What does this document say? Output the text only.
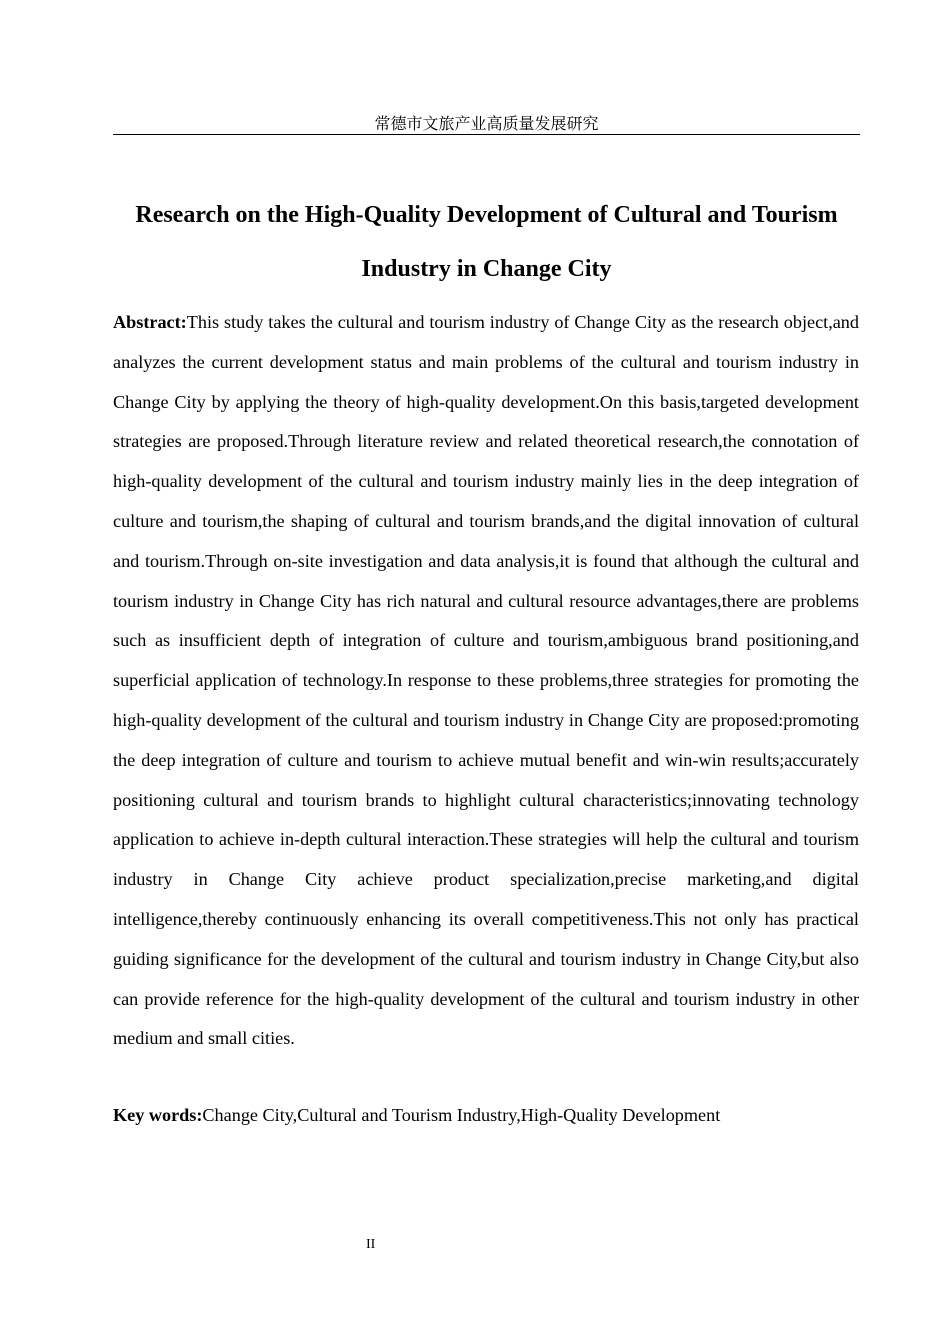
常德市文旅产业高质量发展研究
Research on the High-Quality Development of Cultural and Tourism Industry in Change City

Abstract:This study takes the cultural and tourism industry of Change City as the research object,and analyzes the current development status and main problems of the cultural and tourism industry in Change City by applying the theory of high-quality development.On this basis,targeted development strategies are proposed.Through literature review and related theoretical research,the connotation of high-quality development of the cultural and tourism industry mainly lies in the deep integration of culture and tourism,the shaping of cultural and tourism brands,and the digital innovation of cultural and tourism.Through on-site investigation and data analysis,it is found that although the cultural and tourism industry in Change City has rich natural and cultural resource advantages,there are problems such as insufficient depth of integration of culture and tourism,ambiguous brand positioning,and superficial application of technology.In response to these problems,three strategies for promoting the high-quality development of the cultural and tourism industry in Change City are proposed:promoting the deep integration of culture and tourism to achieve mutual benefit and win-win results;accurately positioning cultural and tourism brands to highlight cultural characteristics;innovating technology application to achieve in-depth cultural interaction.These strategies will help the cultural and tourism industry in Change City achieve product specialization,precise marketing,and digital intelligence,thereby continuously enhancing its overall competitiveness.This not only has practical guiding significance for the development of the cultural and tourism industry in Change City,but also can provide reference for the high-quality development of the cultural and tourism industry in other medium and small cities.

Key words:Change City,Cultural and Tourism Industry,High-Quality Development

II
